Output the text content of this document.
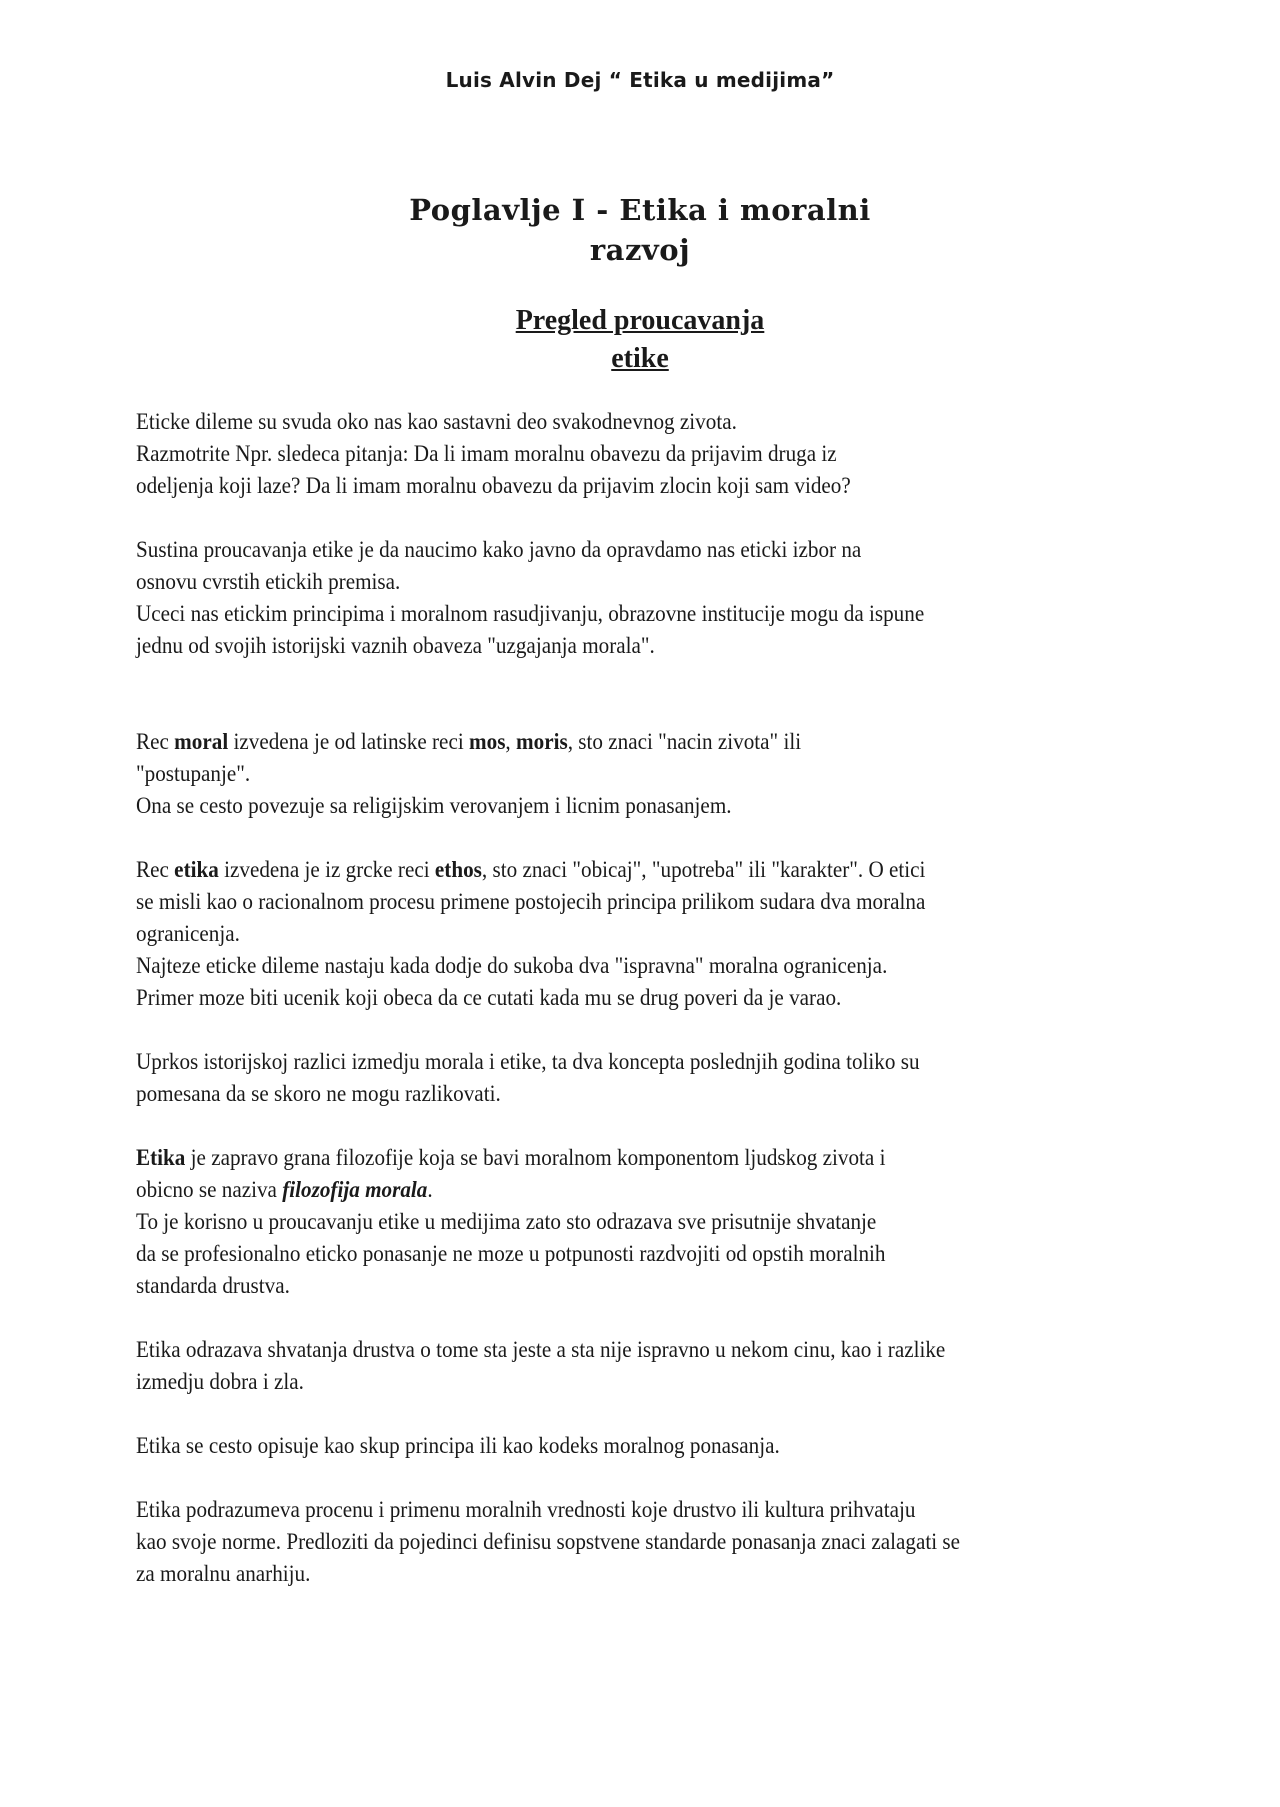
Luis Alvin Dej “ Etika u medijima”
Poglavlje I - Etika i moralni
razvoj
Pregled proucavanja
etike

Eticke dileme su svuda oko nas kao sastavni deo svakodnevnog zivota.

Razmotrite Npr. sledeca pitanja: Da li imam moralnu obavezu da prijavim druga iz

odeljenja koji laze? Da li imam moralnu obavezu da prijavim zlocin koji sam video?

Sustina proucavanja etike je da naucimo kako javno da opravdamo nas eticki izbor na

osnovu cvrstih etickih premisa.

Uceci nas etickim principima i moralnom rasudjivanju, obrazovne institucije mogu da ispune

jednu od svojih istorijski vaznih obaveza "uzgajanja morala".

Rec moral izvedena je od latinske reci mos, moris, sto znaci "nacin zivota" ili

"postupanje".

Ona se cesto povezuje sa religijskim verovanjem i licnim ponasanjem.

Rec etika izvedena je iz grcke reci ethos, sto znaci "obicaj", "upotreba" ili "karakter". O etici

se misli kao o racionalnom procesu primene postojecih principa prilikom sudara dva moralna

ogranicenja.

Najteze eticke dileme nastaju kada dodje do sukoba dva "ispravna" moralna ogranicenja.

Primer moze biti ucenik koji obeca da ce cutati kada mu se drug poveri da je varao.

Uprkos istorijskoj razlici izmedju morala i etike, ta dva koncepta poslednjih godina toliko su

pomesana da se skoro ne mogu razlikovati.

Etika je zapravo grana filozofije koja se bavi moralnom komponentom ljudskog zivota i

obicno se naziva filozofija morala.

To je korisno u proucavanju etike u medijima zato sto odrazava sve prisutnije shvatanje

da se profesionalno eticko ponasanje ne moze u potpunosti razdvojiti od opstih moralnih

standarda drustva.

Etika odrazava shvatanja drustva o tome sta jeste a sta nije ispravno u nekom cinu, kao i razlike

izmedju dobra i zla.

Etika se cesto opisuje kao skup principa ili kao kodeks moralnog ponasanja.

Etika podrazumeva procenu i primenu moralnih vrednosti koje drustvo ili kultura prihvataju

kao svoje norme. Predloziti da pojedinci definisu sopstvene standarde ponasanja znaci zalagati se

za moralnu anarhiju.
